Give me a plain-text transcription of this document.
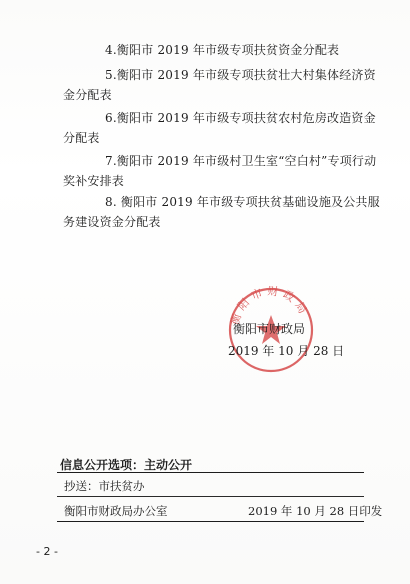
4.衡阳市 2019 年市级专项扶贫资金分配表
5.衡阳市 2019 年市级专项扶贫壮大村集体经济资
金分配表
6.衡阳市 2019 年市级专项扶贫农村危房改造资金
分配表
7.衡阳市 2019 年市级村卫生室“空白村”专项行动
奖补安排表
8. 衡阳市 2019 年市级专项扶贫基础设施及公共服
务建设资金分配表
衡阳市财政局
衡阳市财政局
2019 年 10 月 28 日
信息公开选项：主动公开
抄送：市扶贫办
衡阳市财政局办公室	2019 年 10 月 28 日印发
- 2 -
